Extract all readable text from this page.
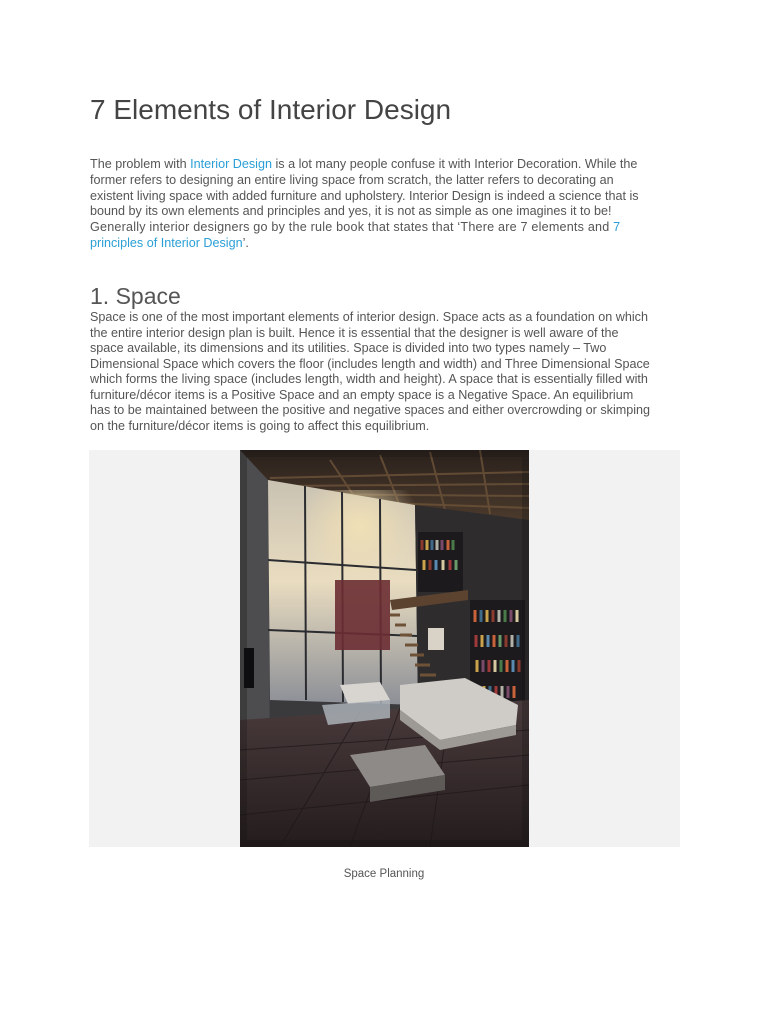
7 Elements of Interior Design

The problem with Interior Design is a lot many people confuse it with Interior Decoration. While the
former refers to designing an entire living space from scratch, the latter refers to decorating an
existent living space with added furniture and upholstery. Interior Design is indeed a science that is
bound by its own elements and principles and yes, it is not as simple as one imagines it to be!
Generally interior designers go by the rule book that states that ‘There are 7 elements and 7
principles of Interior Design’.

1. Space

Space is one of the most important elements of interior design. Space acts as a foundation on which
the entire interior design plan is built. Hence it is essential that the designer is well aware of the
space available, its dimensions and its utilities. Space is divided into two types namely – Two
Dimensional Space which covers the floor (includes length and width) and Three Dimensional Space
which forms the living space (includes length, width and height). A space that is essentially filled with
furniture/décor items is a Positive Space and an empty space is a Negative Space. An equilibrium
has to be maintained between the positive and negative spaces and either overcrowding or skimping
on the furniture/décor items is going to affect this equilibrium.

Space Planning
